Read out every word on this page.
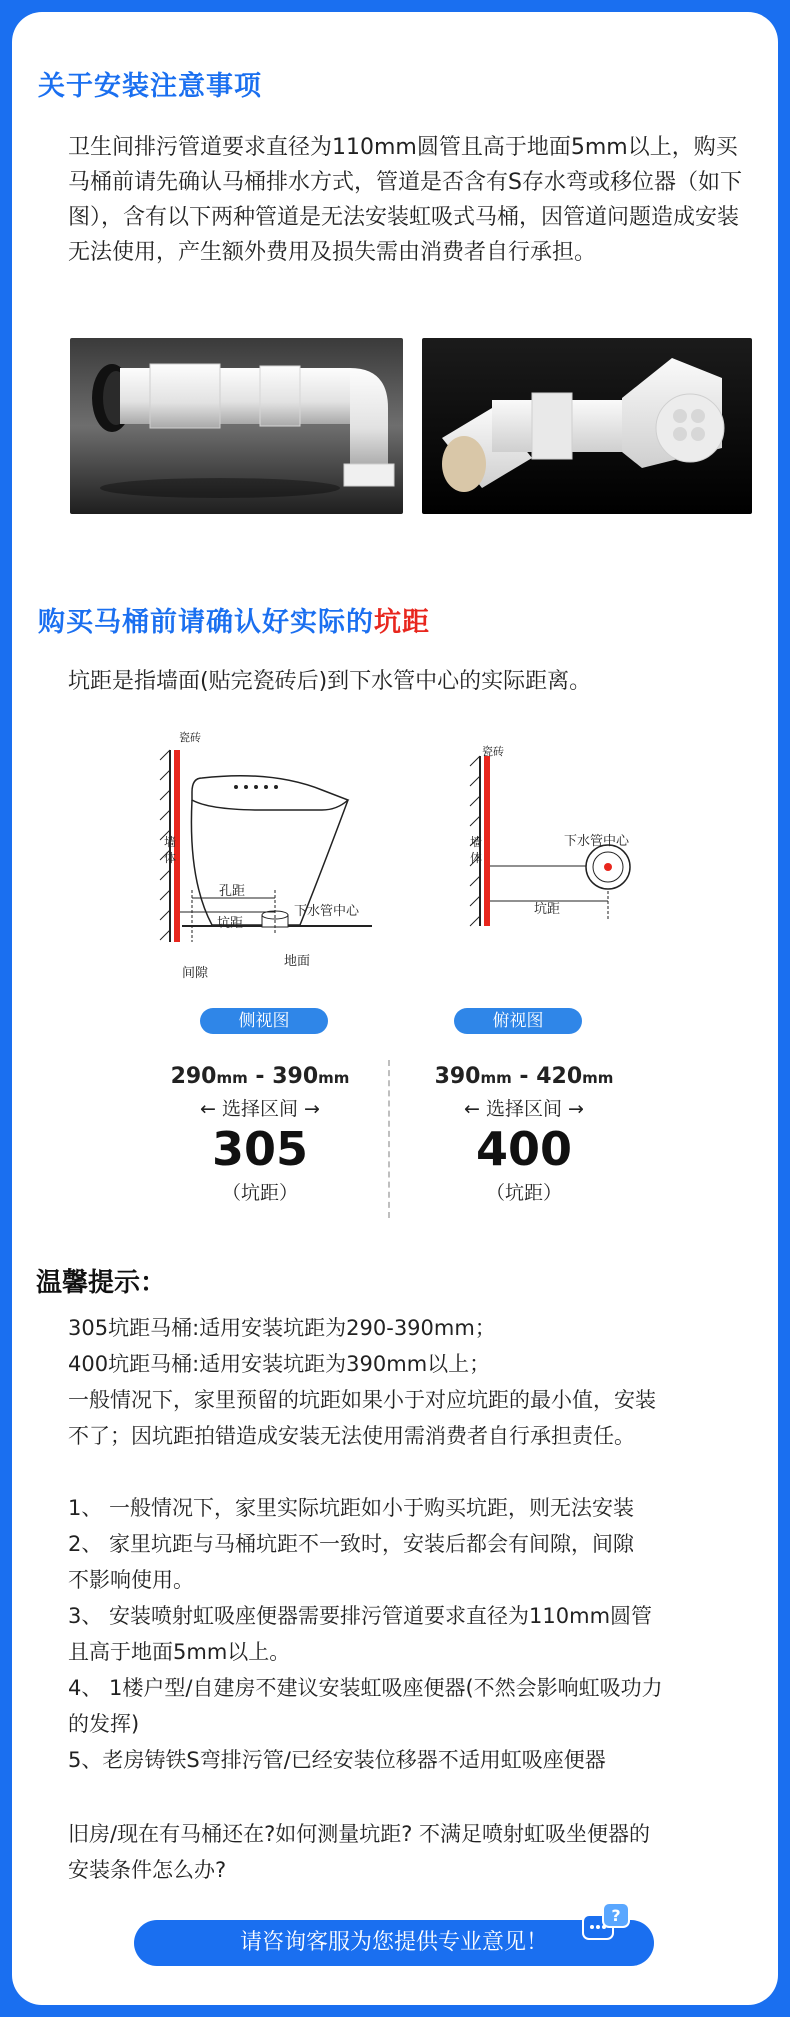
关于安装注意事项
卫生间排污管道要求直径为110mm圆管且高于地面5mm以上，购买马桶前请先确认马桶排水方式，管道是否含有S存水弯或移位器（如下图），含有以下两种管道是无法安装虹吸式马桶，因管道问题造成安装无法使用，产生额外费用及损失需由消费者自行承担。
购买马桶前请确认好实际的坑距
坑距是指墙面(贴完瓷砖后)到下水管中心的实际距离。
瓷砖
墙体
孔距
坑距
下水管中心
地面
间隙
瓷砖
墙体
下水管中心
坑距
侧视图	俯视图
290mm - 390mm
← 选择区间 →
305
（坑距）
390mm - 420mm
← 选择区间 →
400
（坑距）
温馨提示：
305坑距马桶:适用安装坑距为290-390mm；
400坑距马桶:适用安装坑距为390mm以上；
一般情况下，家里预留的坑距如果小于对应坑距的最小值，安装
不了；因坑距拍错造成安装无法使用需消费者自行承担责任。
1、 一般情况下，家里实际坑距如小于购买坑距，则无法安装
2、 家里坑距与马桶坑距不一致时，安装后都会有间隙，间隙
不影响使用。
3、 安装喷射虹吸座便器需要排污管道要求直径为110mm圆管
且高于地面5mm以上。
4、 1楼户型/自建房不建议安装虹吸座便器(不然会影响虹吸功力
的发挥)
5、老房铸铁S弯排污管/已经安装位移器不适用虹吸座便器
旧房/现在有马桶还在?如何测量坑距? 不满足喷射虹吸坐便器的
安装条件怎么办?
请咨询客服为您提供专业意见！
?
